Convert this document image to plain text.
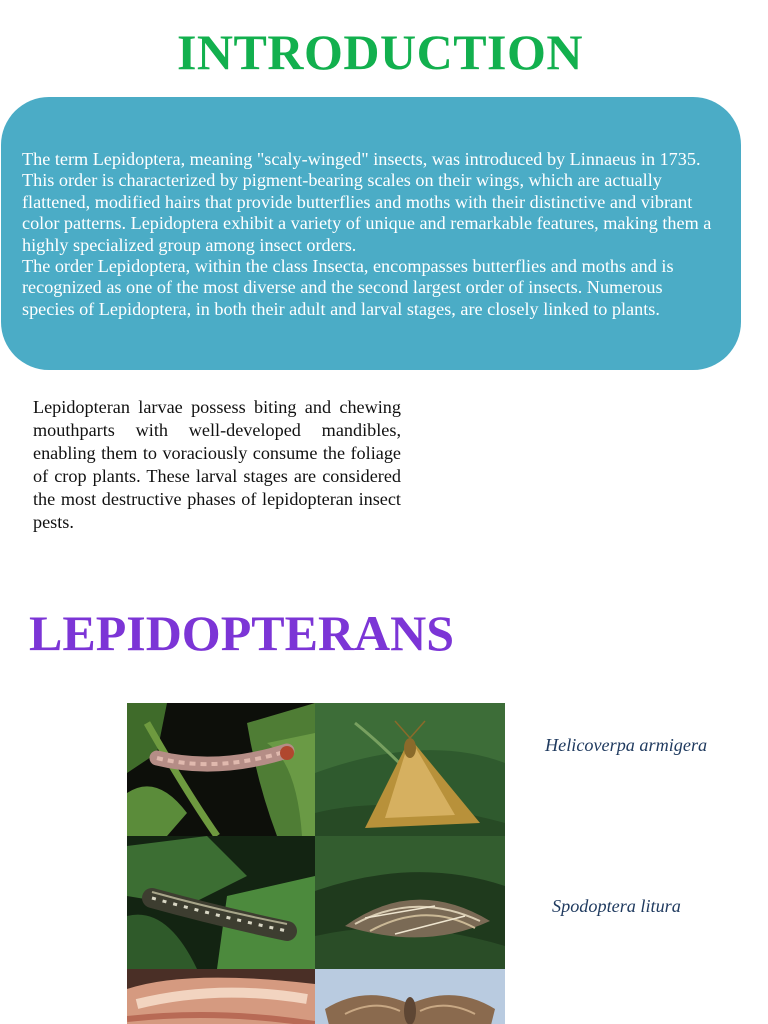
INTRODUCTION

The term Lepidoptera, meaning "scaly-winged" insects, was introduced by Linnaeus in 1735. This order is characterized by pigment-bearing scales on their wings, which are actually flattened, modified hairs that provide butterflies and moths with their distinctive and vibrant color patterns. Lepidoptera exhibit a variety of unique and remarkable features, making them a highly specialized group among insect orders.

The order Lepidoptera, within the class Insecta, encompasses butterflies and moths and is recognized as one of the most diverse and the second largest order of insects. Numerous species of Lepidoptera, in both their adult and larval stages, are closely linked to plants.

Lepidopteran larvae possess biting and chewing mouthparts with well-developed mandibles, enabling them to voraciously consume the foliage of crop plants. These larval stages are considered the most destructive phases of lepidopteran insect pests.

LEPIDOPTERANS

Helicoverpa armigera

Spodoptera litura
